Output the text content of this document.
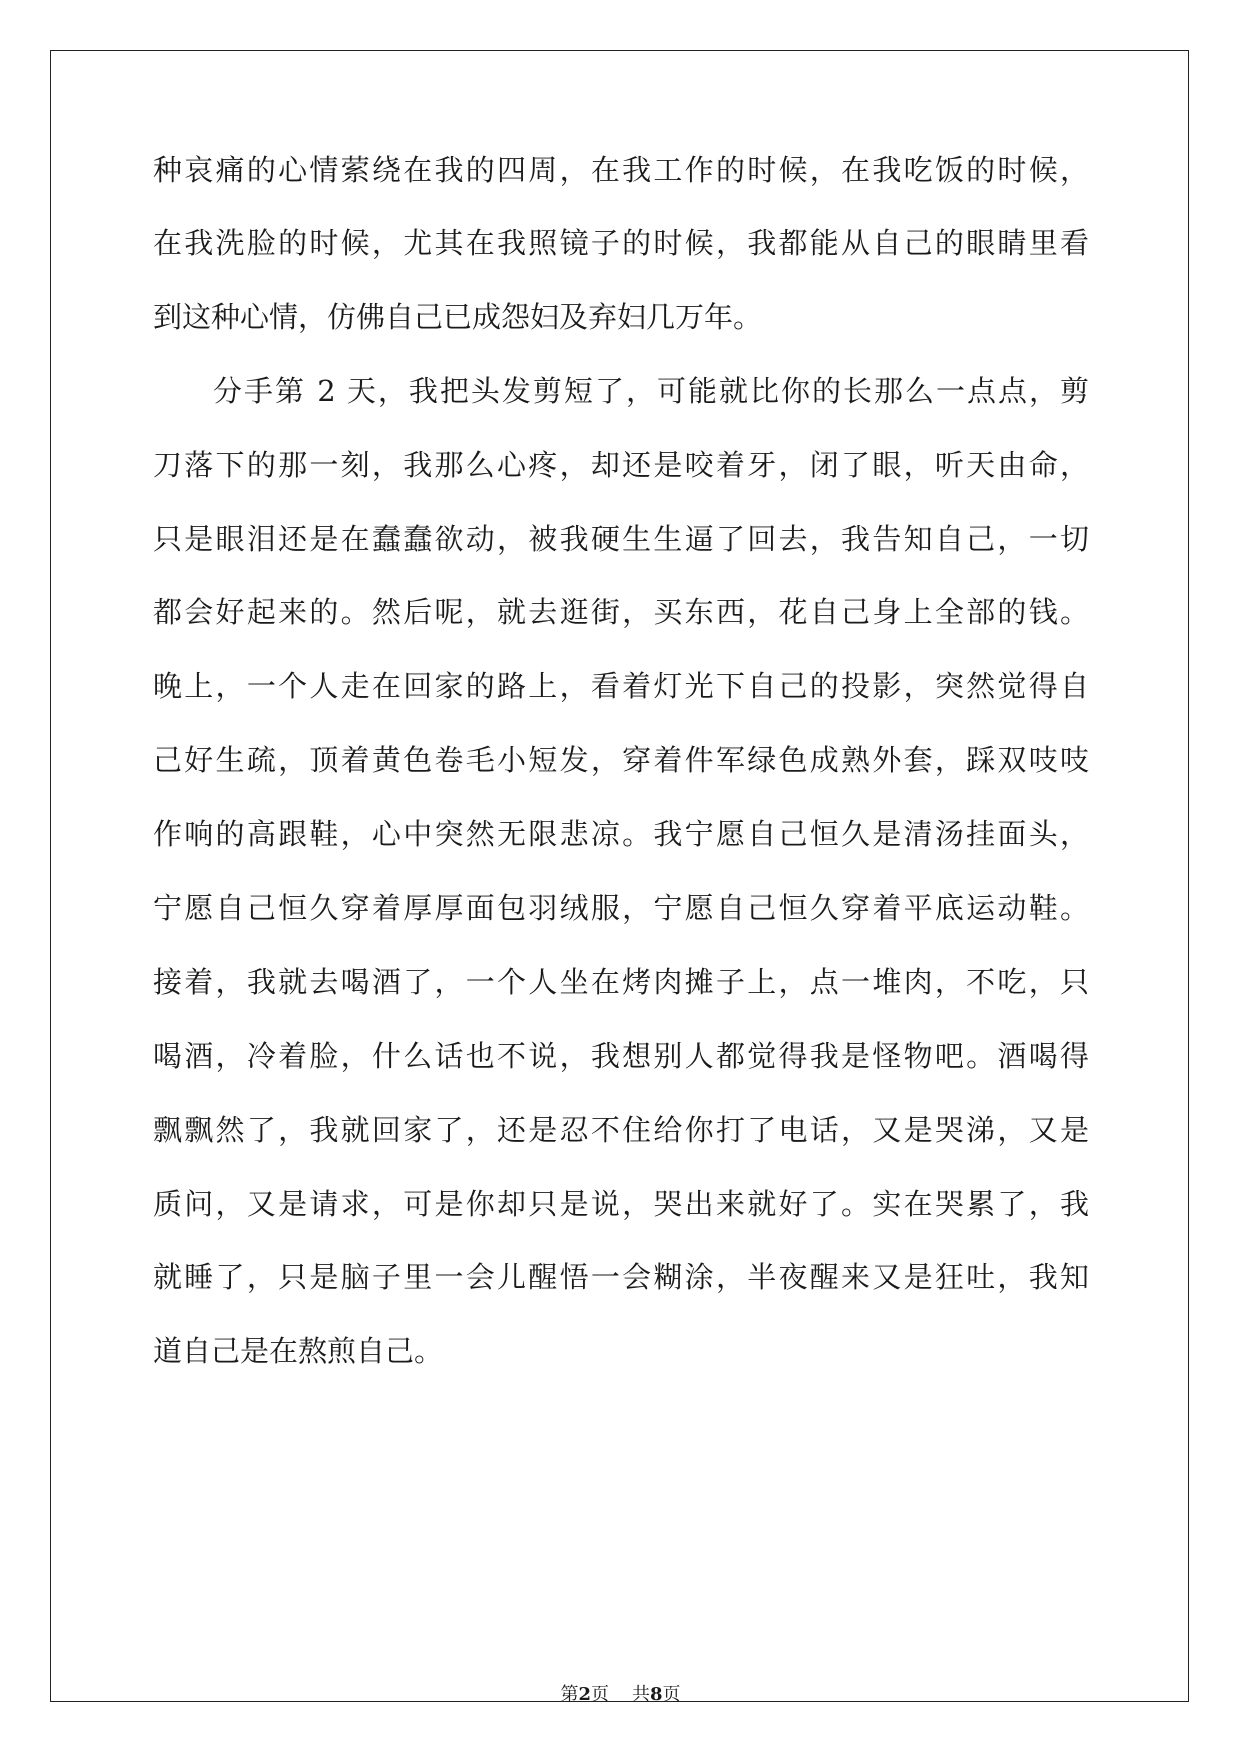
种哀痛的心情萦绕在我的四周，在我工作的时候，在我吃饭的时候，
在我洗脸的时候，尤其在我照镜子的时候，我都能从自己的眼睛里看
到这种心情，仿佛自己已成怨妇及弃妇几万年。
分手第 2 天，我把头发剪短了，可能就比你的长那么一点点，剪
刀落下的那一刻，我那么心疼，却还是咬着牙，闭了眼，听天由命，
只是眼泪还是在蠢蠢欲动，被我硬生生逼了回去，我告知自己，一切
都会好起来的。然后呢，就去逛街，买东西，花自己身上全部的钱。
晚上，一个人走在回家的路上，看着灯光下自己的投影，突然觉得自
己好生疏，顶着黄色卷毛小短发，穿着件军绿色成熟外套，踩双吱吱
作响的高跟鞋，心中突然无限悲凉。我宁愿自己恒久是清汤挂面头，
宁愿自己恒久穿着厚厚面包羽绒服，宁愿自己恒久穿着平底运动鞋。
接着，我就去喝酒了，一个人坐在烤肉摊子上，点一堆肉，不吃，只
喝酒，冷着脸，什么话也不说，我想别人都觉得我是怪物吧。酒喝得
飘飘然了，我就回家了，还是忍不住给你打了电话，又是哭涕，又是
质问，又是请求，可是你却只是说，哭出来就好了。实在哭累了，我
就睡了，只是脑子里一会儿醒悟一会糊涂，半夜醒来又是狂吐，我知
道自己是在熬煎自己。
第2页 共8页
